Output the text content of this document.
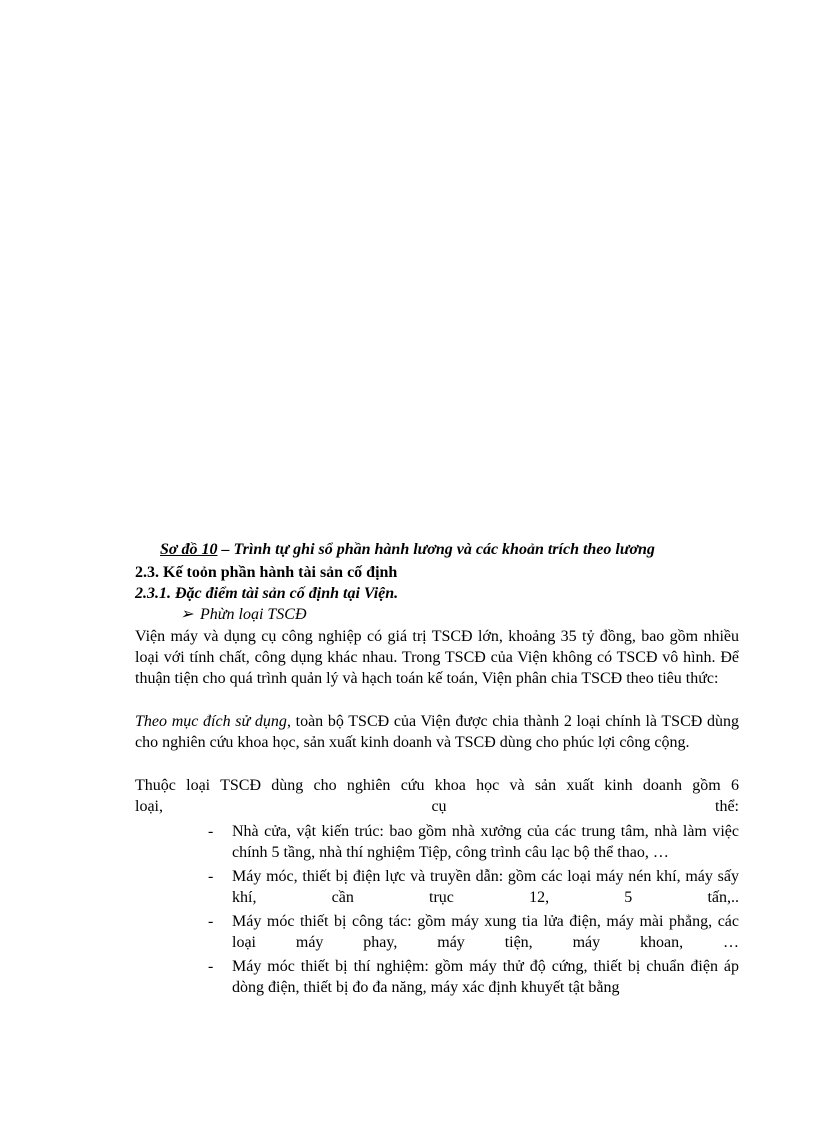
Sơ đồ 10 – Trình tự ghi sổ phần hành lương và các khoản trích theo lương
2.3. Kế toỏn phần hành tài sản cố định
2.3.1. Đặc điểm tài sản cố định tại Viện.
➢ Phừn loại TSCĐ
Viện máy và dụng cụ công nghiệp có giá trị TSCĐ lớn, khoảng 35 tỷ đồng, bao gồm nhiều loại với tính chất, công dụng khác nhau. Trong TSCĐ của Viện không có TSCĐ vô hình. Để thuận tiện cho quá trình quản lý và hạch toán kế toán, Viện phân chia TSCĐ theo tiêu thức:
Theo mục đích sử dụng, toàn bộ TSCĐ của Viện được chia thành 2 loại chính là TSCĐ dùng cho nghiên cứu khoa học, sản xuất kinh doanh và TSCĐ dùng cho phúc lợi công cộng.
Thuộc loại TSCĐ dùng cho nghiên cứu khoa học và sản xuất kinh doanh gồm 6
loại, cụ thể:
- Nhà cửa, vật kiến trúc: bao gồm nhà xưởng của các trung tâm, nhà làm việc chính 5 tầng, nhà thí nghiệm Tiệp, công trình câu lạc bộ thể thao, …
- Máy móc, thiết bị điện lực và truyền dẫn: gồm các loại máy nén khí, máy sấy khí, cần trục 12, 5 tấn,..
- Máy móc thiết bị công tác: gồm máy xung tia lửa điện, máy mài phẳng, các loại máy phay, máy tiện, máy khoan, …
- Máy móc thiết bị thí nghiệm: gồm máy thử độ cứng, thiết bị chuẩn điện áp dòng điện, thiết bị đo đa năng, máy xác định khuyết tật bằng
